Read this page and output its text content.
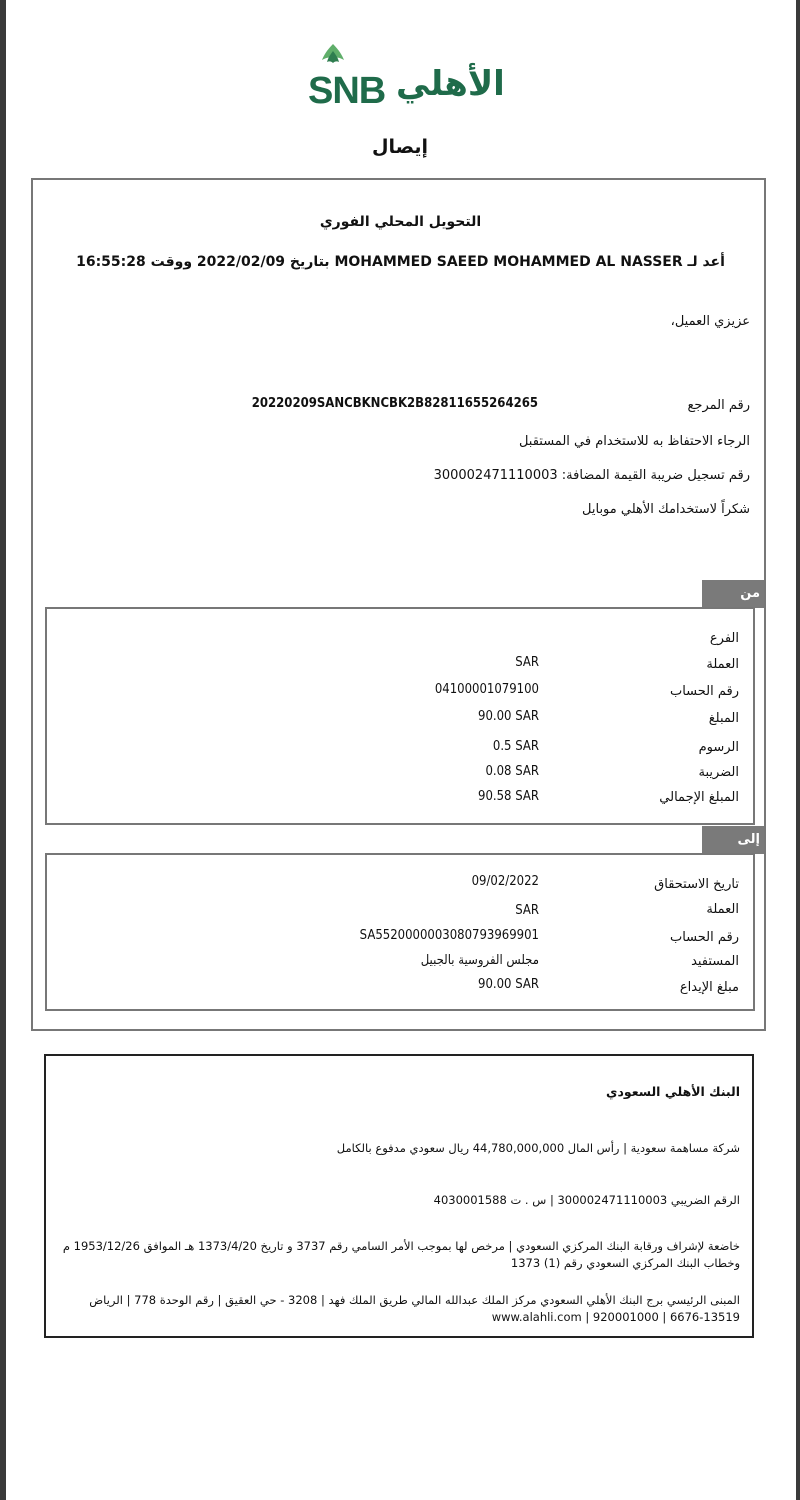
SNB الأهلي
إيصال
التحويل المحلي الفوري
أعد لـ MOHAMMED SAEED MOHAMMED AL NASSER بتاريخ 2022/02/09 ووقت 16:55:28
عزيزي العميل،
رقم المرجع
20220209SANCBKNCBK2B82811655264265
الرجاء الاحتفاظ به للاستخدام في المستقبل
رقم تسجيل ضريبة القيمة المضافة: 300002471110003
شكراً لاستخدامك الأهلي موبايل
من
الفرع
العملة
SAR
رقم الحساب
04100001079100
المبلغ
90.00 SAR
الرسوم
0.5 SAR
الضريبة
0.08 SAR
المبلغ الإجمالي
90.58 SAR
إلى
تاريخ الاستحقاق
09/02/2022
العملة
SAR
رقم الحساب
SA5520000003080793969901
المستفيد
مجلس الفروسية بالجبيل
مبلغ الإيداع
90.00 SAR
البنك الأهلي السعودي
شركة مساهمة سعودية | رأس المال 44,780,000,000 ريال سعودي مدفوع بالكامل
الرقم الضريبي 300002471110003 | س . ت 4030001588
خاضعة لإشراف ورقابة البنك المركزي السعودي | مرخص لها بموجب الأمر السامي رقم 3737 و تاريخ 1373/4/20 هـ الموافق 1953/12/26 م وخطاب البنك المركزي السعودي رقم (1) 1373
المبنى الرئيسي برج البنك الأهلي السعودي مركز الملك عبدالله المالي طريق الملك فهد | 3208 - حي العقيق | رقم الوحدة 778 | الرياض 13519-6676 | 920001000 | www.alahli.com
